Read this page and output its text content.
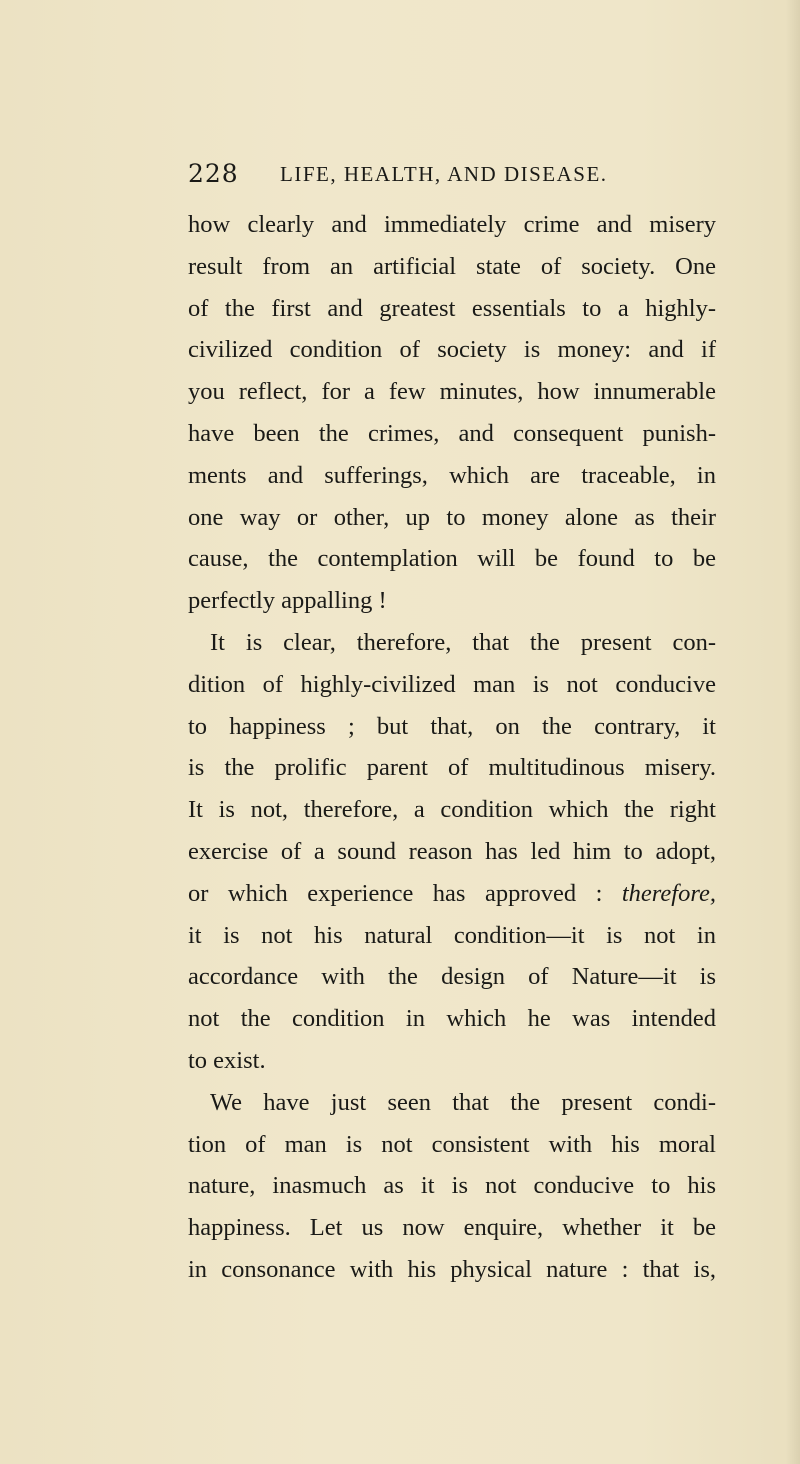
228 LIFE, HEALTH, AND DISEASE.
how clearly and immediately crime and misery
result from an artificial state of society. One
of the first and greatest essentials to a highly-
civilized condition of society is money: and if
you reflect, for a few minutes, how innumerable
have been the crimes, and consequent punish-
ments and sufferings, which are traceable, in
one way or other, up to money alone as their
cause, the contemplation will be found to be
perfectly appalling !
It is clear, therefore, that the present con-
dition of highly-civilized man is not conducive
to happiness ; but that, on the contrary, it
is the prolific parent of multitudinous misery.
It is not, therefore, a condition which the right
exercise of a sound reason has led him to adopt,
or which experience has approved : therefore,
it is not his natural condition—it is not in
accordance with the design of Nature—it is
not the condition in which he was intended
to exist.
We have just seen that the present condi-
tion of man is not consistent with his moral
nature, inasmuch as it is not conducive to his
happiness. Let us now enquire, whether it be
in consonance with his physical nature : that is,
